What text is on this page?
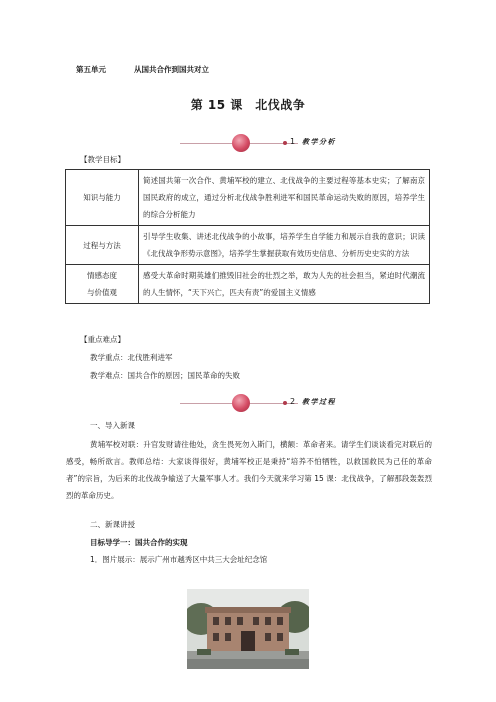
第五单元	从国共合作到国共对立
第 15 课　北伐战争
1 教学分析
【教学目标】
知识与能力	简述国共第一次合作、黄埔军校的建立、北伐战争的主要过程等基本史实；了解南京国民政府的成立，通过分析北伐战争胜利进军和国民革命运动失败的原因，培养学生的综合分析能力
过程与方法	引导学生收集、讲述北伐战争的小故事，培养学生自学能力和展示自我的意识；识读《北伐战争形势示意图》，培养学生掌握获取有效历史信息、分析历史史实的方法

情感态度
与价值观	感受大革命时期英雄们推毁旧社会的壮烈之举，敢为人先的社会担当，紧迫时代潮流的人生情怀，“天下兴亡，匹夫有责”的爱国主义情感
【重点难点】
教学重点：北伐胜利进军
教学难点：国共合作的原因；国民革命的失败
2 教学过程
一、导入新课
黄埔军校对联：升官发财请往他处，贪生畏死勿入斯门，横额：革命者来。请学生们谈谈看完对联后的感受，畅所欲言。教师总结：大家谈得很好，黄埔军校正是秉持“培养不怕牺牲，以救国救民为己任的革命者”的宗旨，为后来的北伐战争输送了大量军事人才。我们今天就来学习第 15 课：北伐战争，了解那段轰轰烈烈的革命历史。
二、新课讲授
目标导学一：国共合作的实现
1．图片展示：展示广州市越秀区中共三大会址纪念馆
